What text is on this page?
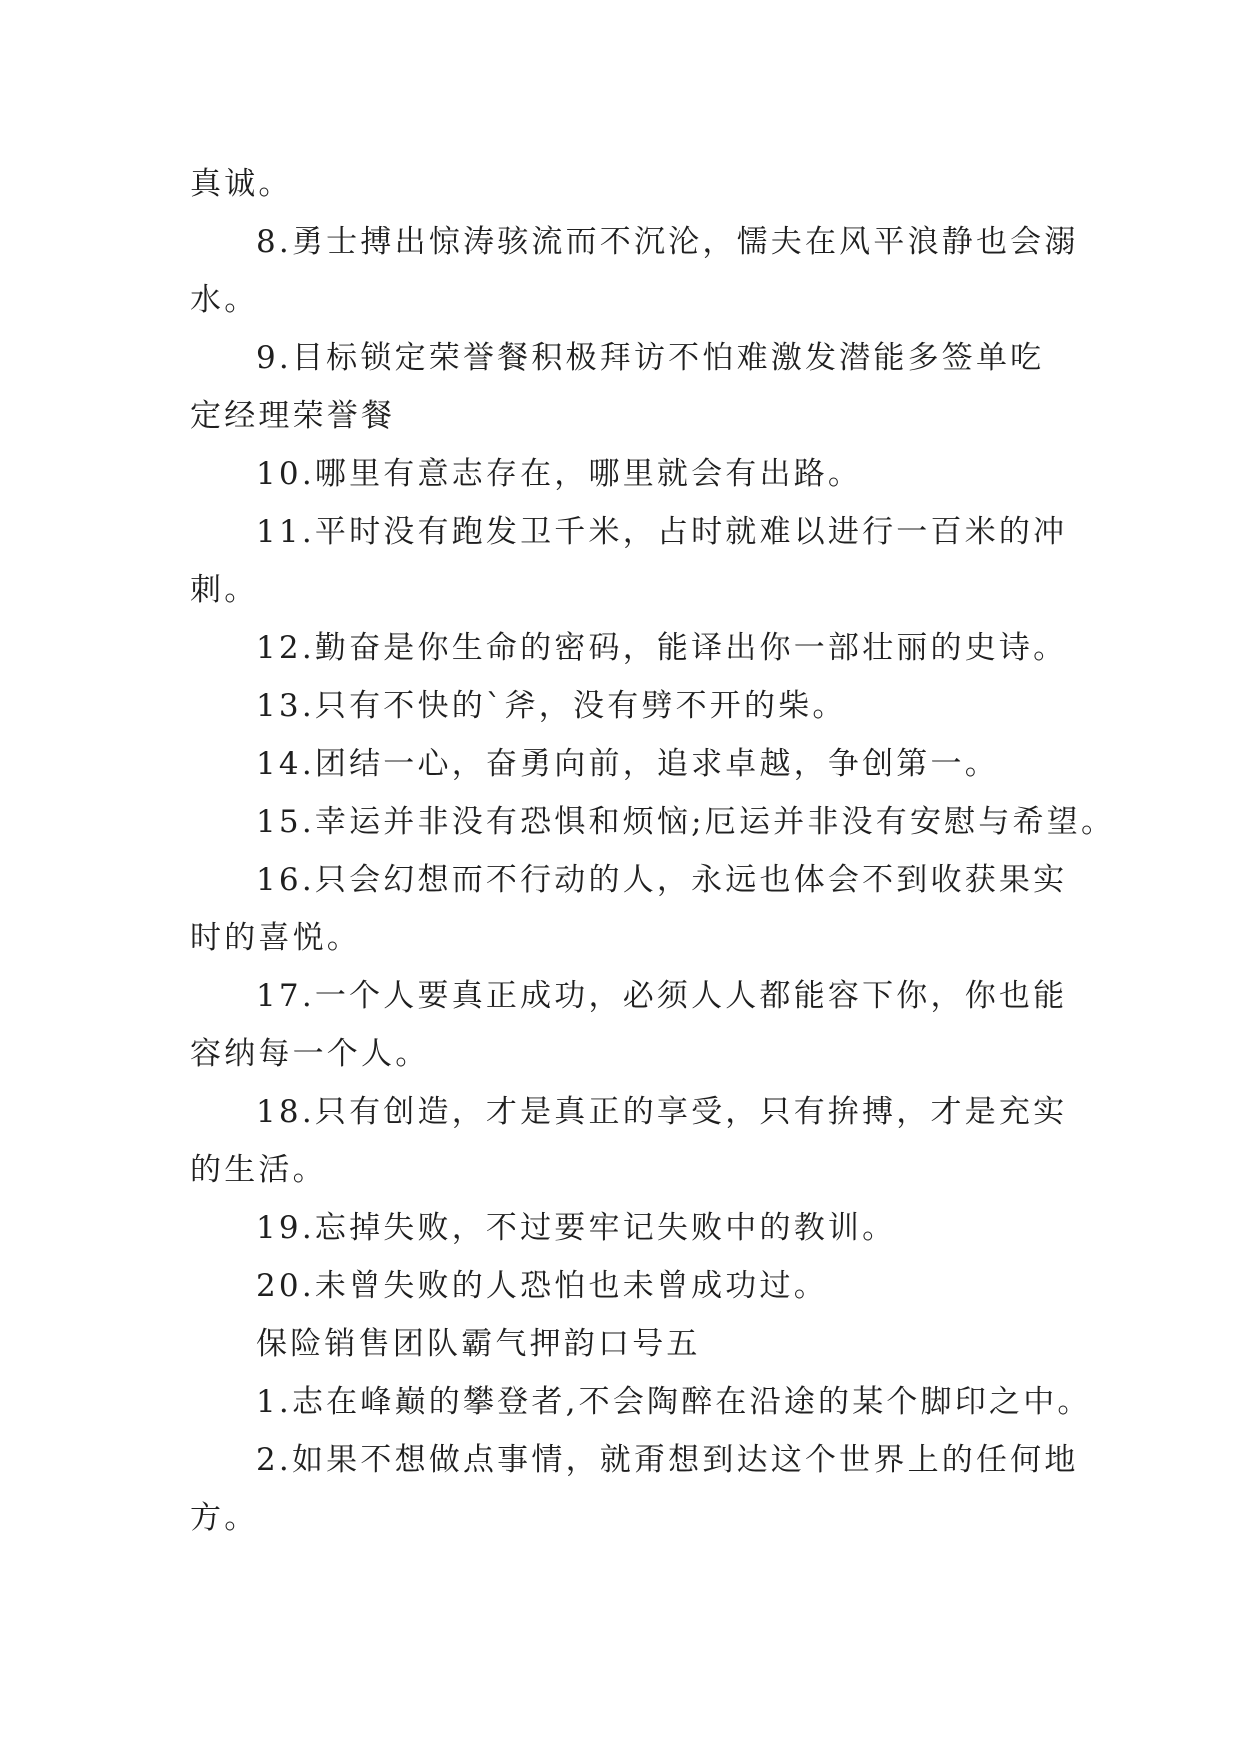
真诚。
8.勇士搏出惊涛骇流而不沉沦，懦夫在风平浪静也会溺
水。
9.目标锁定荣誉餐积极拜访不怕难激发潜能多签单吃
定经理荣誉餐
10.哪里有意志存在，哪里就会有出路。
11.平时没有跑发卫千米，占时就难以进行一百米的冲
刺。
12.勤奋是你生命的密码，能译出你一部壮丽的史诗。
13.只有不快的`斧，没有劈不开的柴。
14.团结一心，奋勇向前，追求卓越，争创第一。
15.幸运并非没有恐惧和烦恼;厄运并非没有安慰与希望。
16.只会幻想而不行动的人，永远也体会不到收获果实
时的喜悦。
17.一个人要真正成功，必须人人都能容下你，你也能
容纳每一个人。
18.只有创造，才是真正的享受，只有拚搏，才是充实
的生活。
19.忘掉失败，不过要牢记失败中的教训。
20.未曾失败的人恐怕也未曾成功过。
保险销售团队霸气押韵口号五
1.志在峰巅的攀登者,不会陶醉在沿途的某个脚印之中。
2.如果不想做点事情，就甭想到达这个世界上的任何地
方。
